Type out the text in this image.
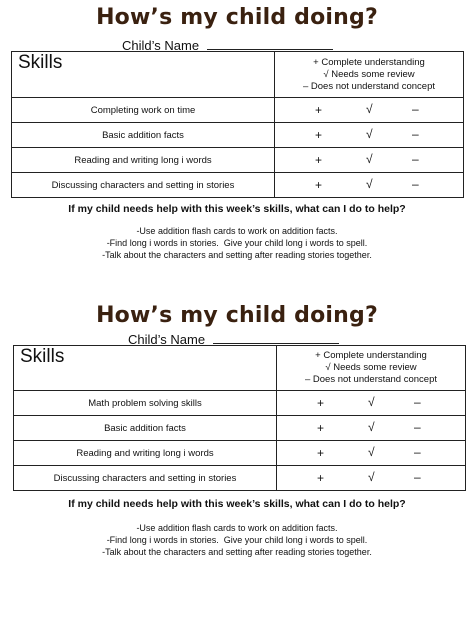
How’s my child doing?
Child’s Name
Skills	+ Complete understanding
√ Needs some review
– Does not understand concept

Completing work on time	+ √ –

Basic addition facts	+ √ –

Reading and writing long i words	+ √ –

Discussing characters and setting in stories	+ √ –
If my child needs help with this week’s skills, what can I do to help?
-Use addition flash cards to work on addition facts.
-Find long i words in stories.  Give your child long i words to spell.
-Talk about the characters and setting after reading stories together.
How’s my child doing?
Child’s Name
Skills	+ Complete understanding
√ Needs some review
– Does not understand concept

Math problem solving skills	+ √ –

Basic addition facts	+ √ –

Reading and writing long i words	+ √ –

Discussing characters and setting in stories	+ √ –
If my child needs help with this week’s skills, what can I do to help?
-Use addition flash cards to work on addition facts.
-Find long i words in stories.  Give your child long i words to spell.
-Talk about the characters and setting after reading stories together.
